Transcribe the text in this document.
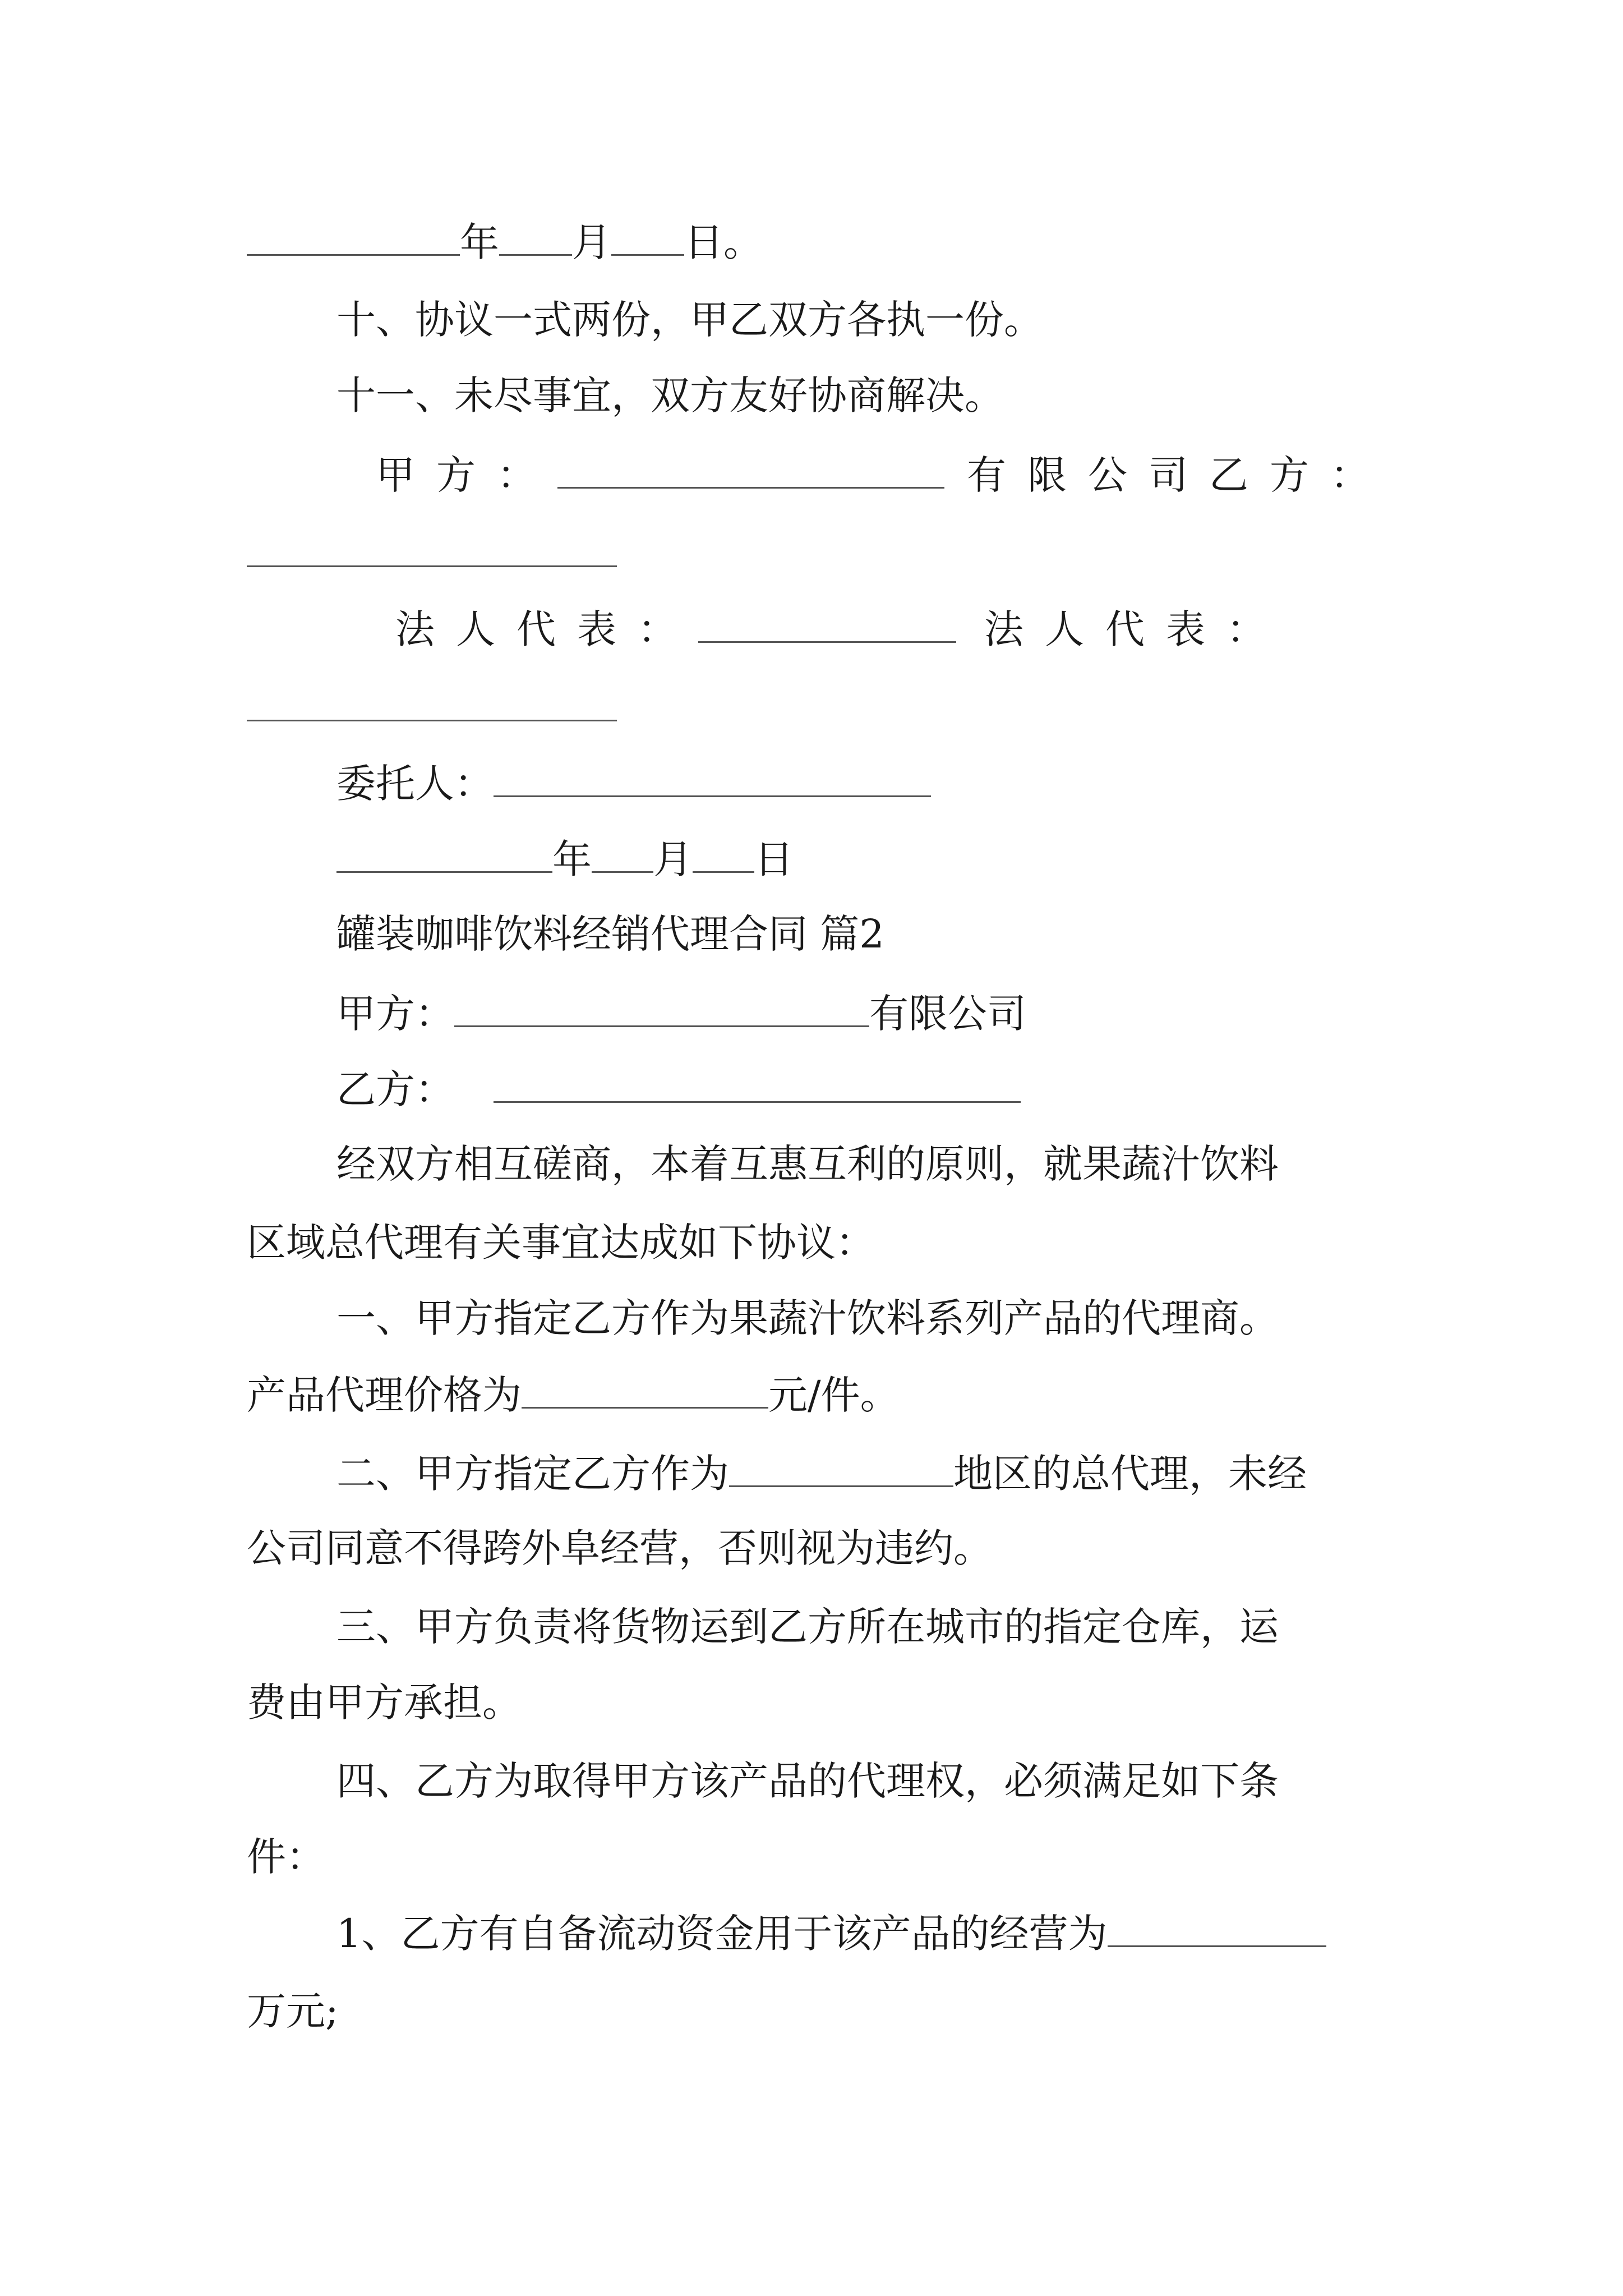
年 月 日。
十、协议一式两份，甲乙双方各执一份。
十一、未尽事宜，双方友好协商解决。
甲方：	有限公司乙方：
法人代表：	法人代表：
委托人：
年 月 日
罐装咖啡饮料经销代理合同 篇2
甲方：	有限公司
乙方：
经双方相互磋商，本着互惠互利的原则，就果蔬汁饮料
区域总代理有关事宜达成如下协议：
一、甲方指定乙方作为果蔬汁饮料系列产品的代理商。
产品代理价格为	元/件。
二、甲方指定乙方作为	地区的总代理，未经
公司同意不得跨外阜经营，否则视为违约。
三、甲方负责将货物运到乙方所在城市的指定仓库，运
费由甲方承担。
四、乙方为取得甲方该产品的代理权，必须满足如下条
件：
1、乙方有自备流动资金用于该产品的经营为
万元;
